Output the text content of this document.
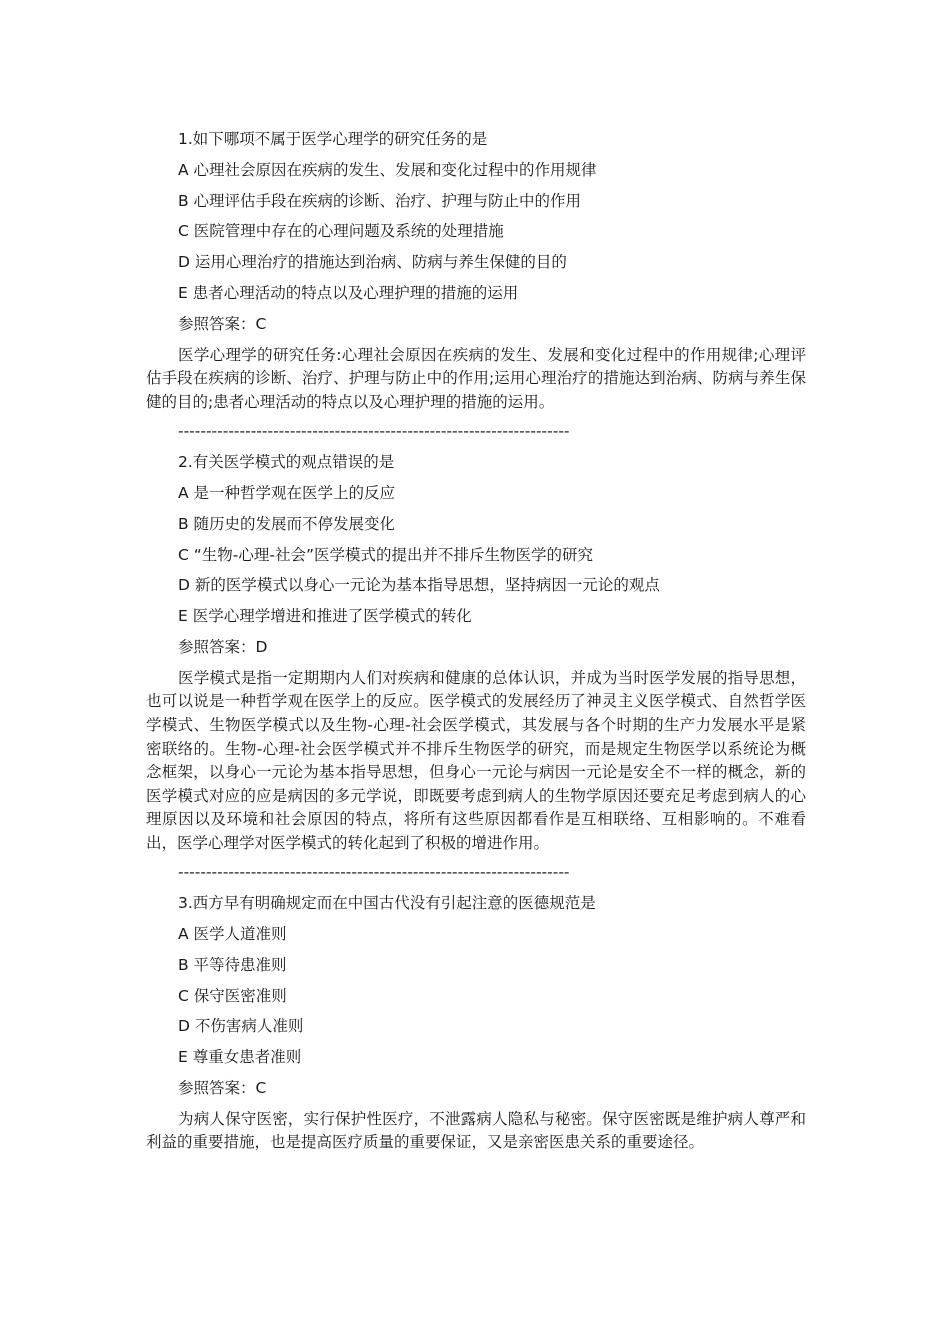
1.如下哪项不属于医学心理学的研究任务的是

A 心理社会原因在疾病的发生、发展和变化过程中的作用规律

B 心理评估手段在疾病的诊断、治疗、护理与防止中的作用

C 医院管理中存在的心理问题及系统的处理措施

D 运用心理治疗的措施达到治病、防病与养生保健的目的

E 患者心理活动的特点以及心理护理的措施的运用

参照答案：C

医学心理学的研究任务:心理社会原因在疾病的发生、发展和变化过程中的作用规律;心理评估手段在疾病的诊断、治疗、护理与防止中的作用;运用心理治疗的措施达到治病、防病与养生保健的目的;患者心理活动的特点以及心理护理的措施的运用。

----------------------------------------------------------------------

2.有关医学模式的观点错误的是

A 是一种哲学观在医学上的反应

B 随历史的发展而不停发展变化

C “生物-心理-社会”医学模式的提出并不排斥生物医学的研究

D 新的医学模式以身心一元论为基本指导思想，坚持病因一元论的观点

E 医学心理学增进和推进了医学模式的转化

参照答案：D

医学模式是指一定期期内人们对疾病和健康的总体认识，并成为当时医学发展的指导思想，也可以说是一种哲学观在医学上的反应。医学模式的发展经历了神灵主义医学模式、自然哲学医学模式、生物医学模式以及生物-心理-社会医学模式，其发展与各个时期的生产力发展水平是紧密联络的。生物-心理-社会医学模式并不排斥生物医学的研究，而是规定生物医学以系统论为概念框架，以身心一元论为基本指导思想，但身心一元论与病因一元论是安全不一样的概念，新的医学模式对应的应是病因的多元学说，即既要考虑到病人的生物学原因还要充足考虑到病人的心理原因以及环境和社会原因的特点，将所有这些原因都看作是互相联络、互相影响的。不难看出，医学心理学对医学模式的转化起到了积极的增进作用。

----------------------------------------------------------------------

3.西方早有明确规定而在中国古代没有引起注意的医德规范是

A 医学人道准则

B 平等待患准则

C 保守医密准则

D 不伤害病人准则

E 尊重女患者准则

参照答案：C

为病人保守医密，实行保护性医疗，不泄露病人隐私与秘密。保守医密既是维护病人尊严和利益的重要措施，也是提高医疗质量的重要保证，又是亲密医患关系的重要途径。
